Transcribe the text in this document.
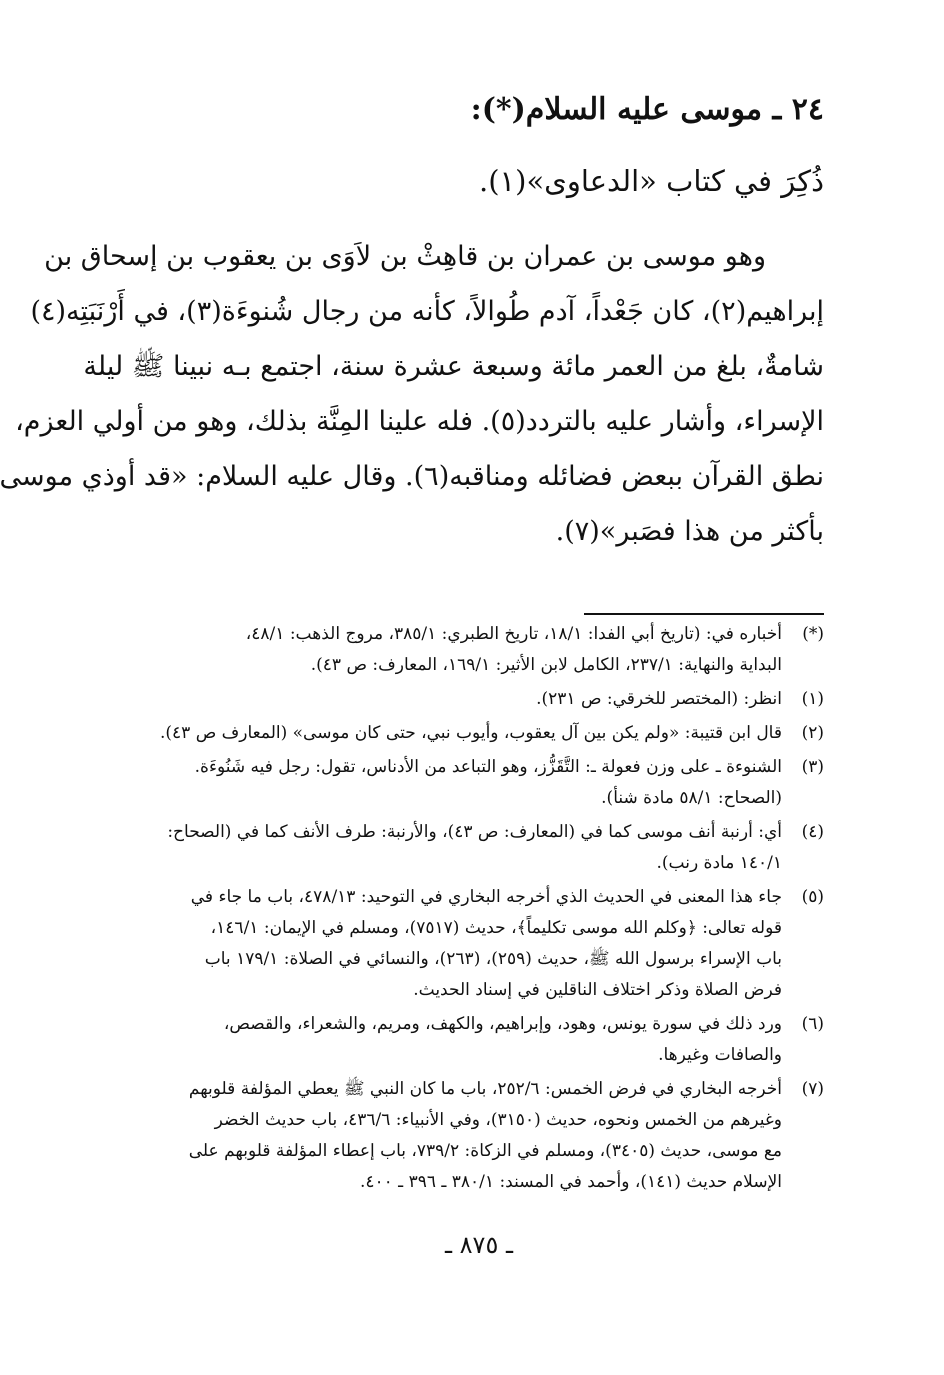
٢٤ ـ موسى عليه السلام(*):
ذُكِرَ في كتاب «الدعاوى»(١).
وهو موسى بن عمران بن قاهِثْ بن لاَوَى بن يعقوب بن إسحاق بن
إبراهيم(٢)، كان جَعْداً، آدم طُوالاً، كأنه من رجال شُنوءَة(٣)، في أَرْنَبَتِه(٤)
شامةٌ، بلغ من العمر مائة وسبعة عشرة سنة، اجتمع بـه نبينا ﷺ ليلة
الإسراء، وأشار عليه بالتردد(٥). فله علينا المِنَّة بذلك، وهو من أولي العزم،
نطق القرآن ببعض فضائله ومناقبه(٦). وقال عليه السلام: «قد أوذي موسى
بأكثر من هذا فصَبر»(٧).
(*)
أخباره في: (تاريخ أبي الفدا: ١٨/١، تاريخ الطبري: ٣٨٥/١، مروج الذهب: ٤٨/١،
البداية والنهاية: ٢٣٧/١، الكامل لابن الأثير: ١٦٩/١، المعارف: ص ٤٣).
(١)
انظر: (المختصر للخرقي: ص ٢٣١).
(٢)
قال ابن قتيبة: «ولم يكن بين آل يعقوب، وأيوب نبي، حتى كان موسى» (المعارف ص ٤٣).
(٣)
الشنوءة ـ على وزن فعولة ـ: التَّقَزُّز، وهو التباعد من الأدناس، تقول: رجل فيه شَنُوءَة.
(الصحاح: ٥٨/١ مادة شنأ).
(٤)
أي: أرنبة أنف موسى كما في (المعارف: ص ٤٣)، والأرنبة: طرف الأنف كما في (الصحاح:
١٤٠/١ مادة رنب).
(٥)
جاء هذا المعنى في الحديث الذي أخرجه البخاري في التوحيد: ٤٧٨/١٣، باب ما جاء في
قوله تعالى: ﴿وكلم الله موسى تكليماً﴾، حديث (٧٥١٧)، ومسلم في الإيمان: ١٤٦/١،
باب الإسراء برسول الله ﷺ، حديث (٢٥٩)، (٢٦٣)، والنسائي في الصلاة: ١٧٩/١ باب
فرض الصلاة وذكر اختلاف الناقلين في إسناد الحديث.
(٦)
ورد ذلك في سورة يونس، وهود، وإبراهيم، والكهف، ومريم، والشعراء، والقصص،
والصافات وغيرها.
(٧)
أخرجه البخاري في فرض الخمس: ٢٥٢/٦، باب ما كان النبي ﷺ يعطي المؤلفة قلوبهم
وغيرهم من الخمس ونحوه، حديث (٣١٥٠)، وفي الأنبياء: ٤٣٦/٦، باب حديث الخضر
مع موسى، حديث (٣٤٠٥)، ومسلم في الزكاة: ٧٣٩/٢، باب إعطاء المؤلفة قلوبهم على
الإسلام حديث (١٤١)، وأحمد في المسند: ٣٨٠/١ ـ ٣٩٦ ـ ٤٠٠.
ـ ٨٧٥ ـ
